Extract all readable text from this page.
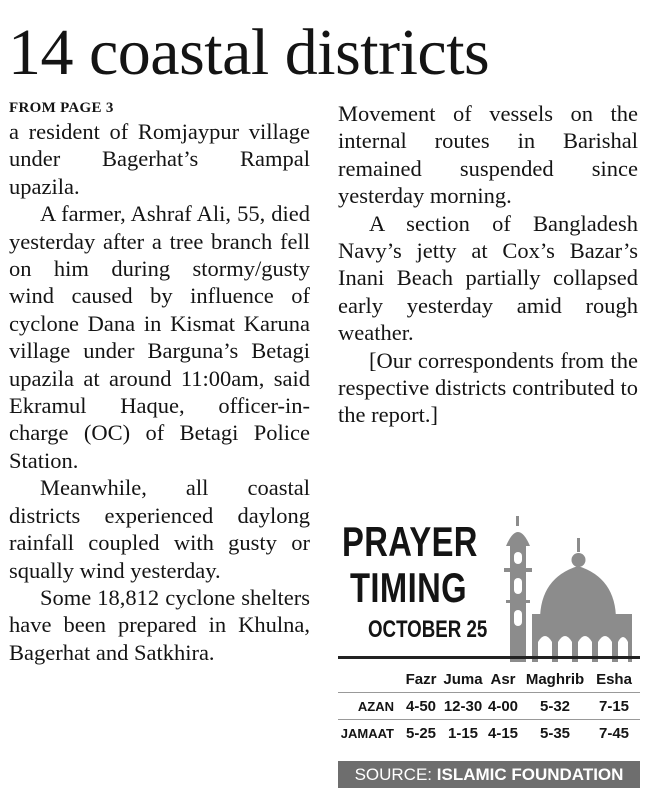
14 coastal districts
FROM PAGE 3

a resident of Romjaypur village under Bagerhat’s Rampal upazila.

A farmer, Ashraf Ali, 55, died yesterday after a tree branch fell on him during stormy/gusty wind caused by influence of cyclone Dana in Kismat Karuna village under Barguna’s Betagi upazila at around 11:00am, said Ekramul Haque, officer-in-charge (OC) of Betagi Police Station.

Meanwhile, all coastal districts experienced daylong rainfall coupled with gusty or squally wind yesterday.

Some 18,812 cyclone shelters have been prepared in Khulna, Bagerhat and Satkhira.

Movement of vessels on the internal routes in Barishal remained suspended since yesterday morning.

A section of Bangladesh Navy’s jetty at Cox’s Bazar’s Inani Beach partially collapsed early yesterday amid rough weather.

[Our correspondents from the respective districts contributed to the report.]

PRAYER
TIMING
OCTOBER 25
	Fazr	Juma	Asr	Maghrib	Esha
AZAN	4-50	12-30	4-00	5-32	7-15
JAMAAT	5-25	1-15	4-15	5-35	7-45
SOURCE: ISLAMIC FOUNDATION
